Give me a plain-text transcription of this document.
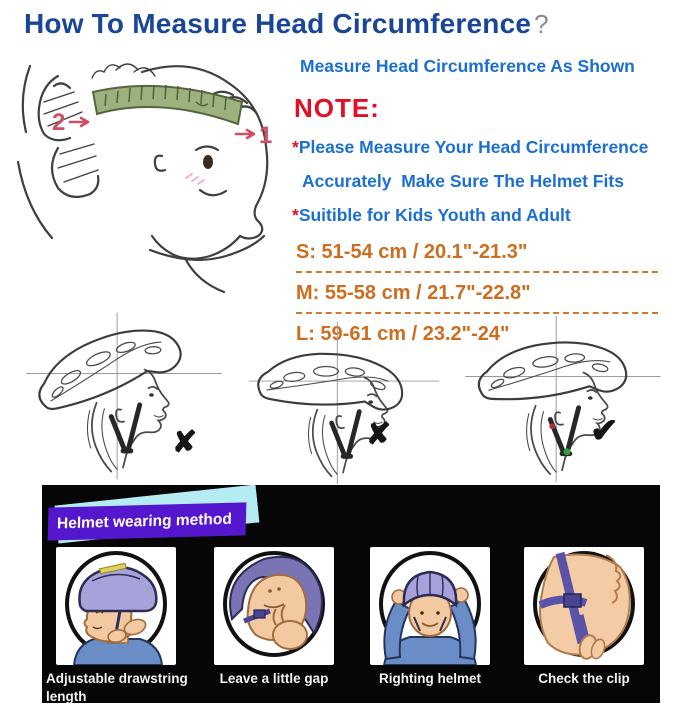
How To Measure Head Circumference ?
2	1

Measure Head Circumference As Shown

NOTE:

*Please Measure Your Head Circumference

Accurately  Make Sure The Helmet Fits

*Suitible for Kids Youth and Adult

S: 51-54 cm / 20.1"-21.3"
M: 55-58 cm / 21.7"-22.8"
L: 59-61 cm / 23.2"-24"
✘	✘	✔
Helmet wearing method
Adjustable drawstring length
Leave a little gap	Righting helmet	Check the clip
